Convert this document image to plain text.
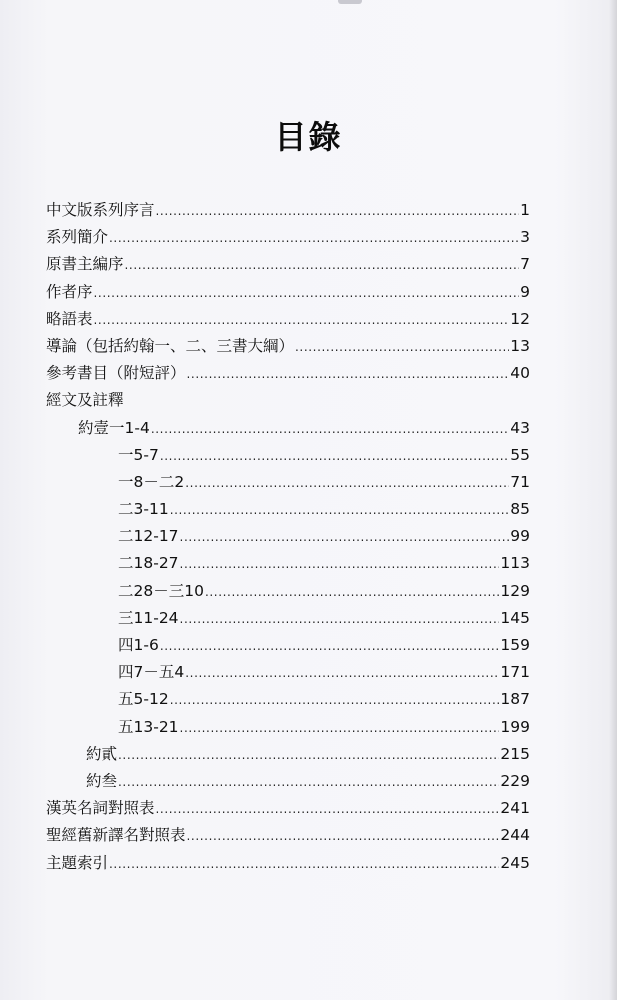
目錄
中文版系列序言 .....	1
系列簡介 .....	3
原書主編序 .....	7
作者序 .....	9
略語表 .....	12
導論（包括約翰一、二、三書大綱） .....	13
參考書目（附短評） .....	40
經文及註釋
約壹一1-4 .....	43
一5-7 .....	55
一8－二2 .....	71
二3-11 .....	85
二12-17 .....	99
二18-27 .....	113
二28－三10 .....	129
三11-24 .....	145
四1-6 .....	159
四7－五4 .....	171
五5-12 .....	187
五13-21 .....	199
約貳 .....	215
約叁 .....	229
漢英名詞對照表 .....	241
聖經舊新譯名對照表 .....	244
主題索引 .....	245
